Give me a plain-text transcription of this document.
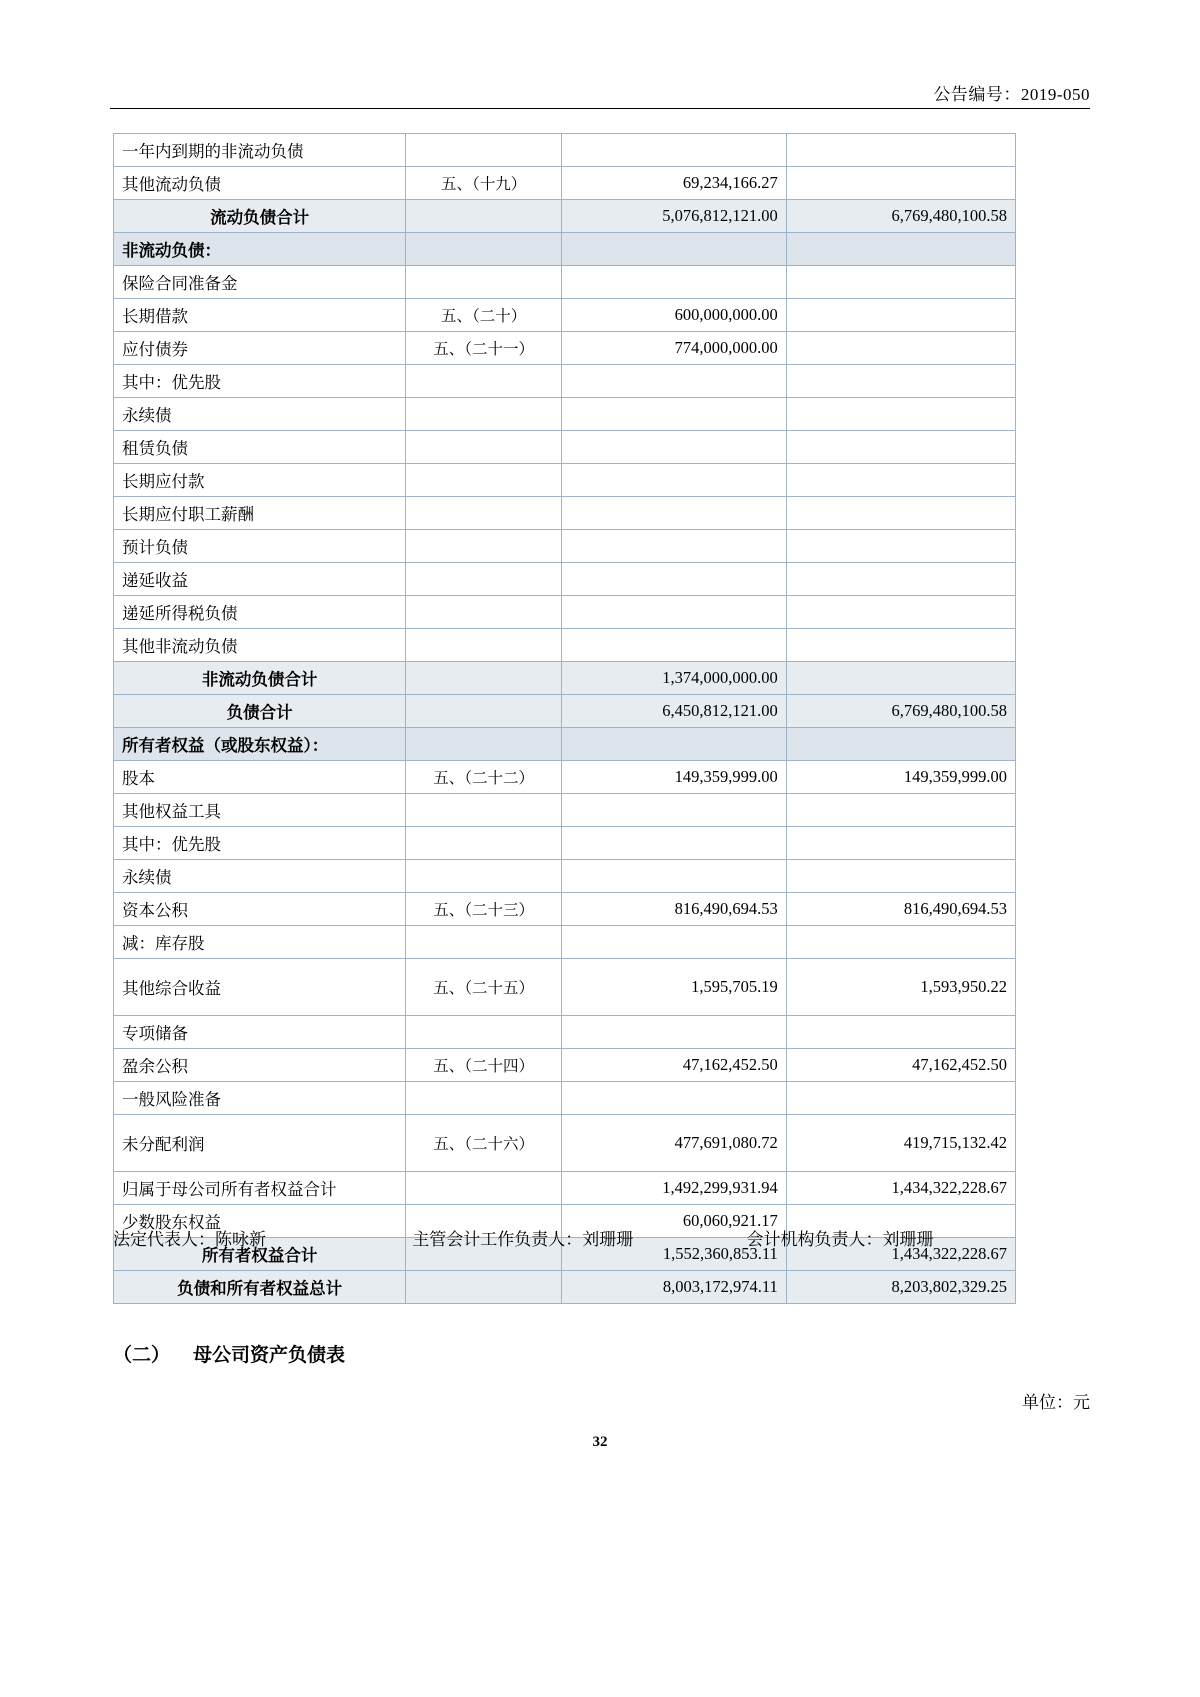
公告编号：2019-050
一年内到期的非流动负债			
其他流动负债	五、（十九）	69,234,166.27	
流动负债合计		5,076,812,121.00	6,769,480,100.58
非流动负债：			
保险合同准备金			
长期借款	五、（二十）	600,000,000.00	
应付债券	五、（二十一）	774,000,000.00	
其中：优先股			
永续债			
租赁负债			
长期应付款			
长期应付职工薪酬			
预计负债			
递延收益			
递延所得税负债			
其他非流动负债			
非流动负债合计		1,374,000,000.00	
负债合计		6,450,812,121.00	6,769,480,100.58
所有者权益（或股东权益）：			
股本	五、（二十二）	149,359,999.00	149,359,999.00
其他权益工具			
其中：优先股			
永续债			
资本公积	五、（二十三）	816,490,694.53	816,490,694.53
减：库存股			
其他综合收益	五、（二十五）	1,595,705.19	1,593,950.22
专项储备			
盈余公积	五、（二十四）	47,162,452.50	47,162,452.50
一般风险准备			
未分配利润	五、（二十六）	477,691,080.72	419,715,132.42
归属于母公司所有者权益合计		1,492,299,931.94	1,434,322,228.67
少数股东权益		60,060,921.17	
所有者权益合计		1,552,360,853.11	1,434,322,228.67
负债和所有者权益总计		8,003,172,974.11	8,203,802,329.25
法定代表人：陈咏新	主管会计工作负责人：刘珊珊	会计机构负责人：刘珊珊
（二） 母公司资产负债表
单位：元
32
